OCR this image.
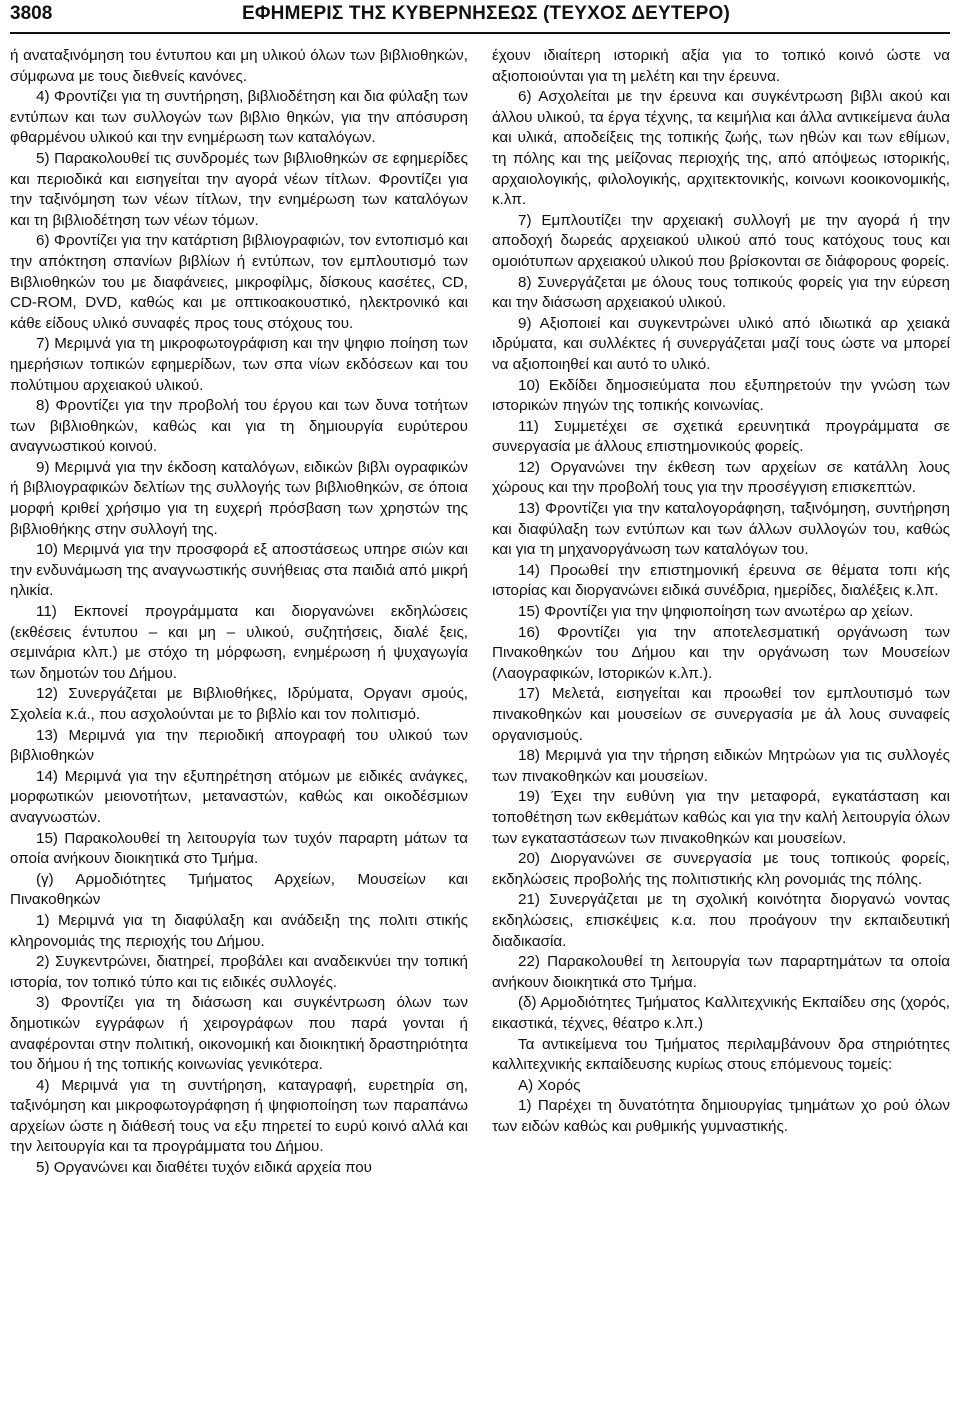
3808	ΕΦΗΜΕΡΙΣ ΤΗΣ ΚΥΒΕΡΝΗΣΕΩΣ (ΤΕΥΧΟΣ ΔΕΥΤΕΡΟ)

ή αναταξινόμηση του έντυπου και μη υλικού όλων των βιβλιοθηκών, σύμφωνα με τους διεθνείς κανόνες.

4) Φροντίζει για τη συντήρηση, βιβλιοδέτηση και δια φύλαξη των εντύπων και των συλλογών των βιβλιο θηκών, για την απόσυρση φθαρμένου υλικού και την ενημέρωση των καταλόγων.

5) Παρακολουθεί τις συνδρομές των βιβλιοθηκών σε εφημερίδες και περιοδικά και εισηγείται την αγορά νέων τίτλων. Φροντίζει για την ταξινόμηση των νέων τίτλων, την ενημέρωση των καταλόγων και τη βιβλιοδέτηση των νέων τόμων.

6) Φροντίζει για την κατάρτιση βιβλιογραφιών, τον εντοπισμό και την απόκτηση σπανίων βιβλίων ή εντύπων, τον εμπλουτισμό των Βιβλιοθηκών του με διαφάνειες, μικροφίλμς, δίσκους κασέτες, CD, CD-ROM, DVD, καθώς και με οπτικοακουστικό, ηλεκτρονικό και κάθε είδους υλικό συναφές προς τους στόχους του.

7) Μεριμνά για τη μικροφωτογράφιση και την ψηφιο ποίηση των ημερήσιων τοπικών εφημερίδων, των σπα νίων εκδόσεων και του πολύτιμου αρχειακού υλικού.

8) Φροντίζει για την προβολή του έργου και των δυνα τοτήτων των βιβλιοθηκών, καθώς και για τη δημιουργία ευρύτερου αναγνωστικού κοινού.

9) Μεριμνά για την έκδοση καταλόγων, ειδικών βιβλι ογραφικών ή βιβλιογραφικών δελτίων της συλλογής των βιβλιοθηκών, σε όποια μορφή κριθεί χρήσιμο για τη ευχερή πρόσβαση των χρηστών της βιβλιοθήκης στην συλλογή της.

10) Μεριμνά για την προσφορά εξ αποστάσεως υπηρε σιών και την ενδυνάμωση της αναγνωστικής συνήθειας στα παιδιά από μικρή ηλικία.

11) Εκπονεί προγράμματα και διοργανώνει εκδηλώσεις (εκθέσεις έντυπου – και μη – υλικού, συζητήσεις, διαλέ ξεις, σεμινάρια κλπ.) με στόχο τη μόρφωση, ενημέρωση ή ψυχαγωγία των δημοτών του Δήμου.

12) Συνεργάζεται με Βιβλιοθήκες, Ιδρύματα, Οργανι σμούς, Σχολεία κ.ά., που ασχολούνται με το βιβλίο και τον πολιτισμό.

13) Μεριμνά για την περιοδική απογραφή του υλικού των βιβλιοθηκών

14) Μεριμνά για την εξυπηρέτηση ατόμων με ειδικές ανάγκες, μορφωτικών μειονοτήτων, μεταναστών, καθώς και οικοδέσμιων αναγνωστών.

15) Παρακολουθεί τη λειτουργία των τυχόν παραρτη μάτων τα οποία ανήκουν διοικητικά στο Τμήμα.

(γ) Αρμοδιότητες Τμήματος Αρχείων, Μουσείων και Πινακοθηκών

1) Μεριμνά για τη διαφύλαξη και ανάδειξη της πολιτι στικής κληρονομιάς της περιοχής του Δήμου.

2) Συγκεντρώνει, διατηρεί, προβάλει και αναδεικνύει την τοπική ιστορία, τον τοπικό τύπο και τις ειδικές συλλογές.

3) Φροντίζει για τη διάσωση και συγκέντρωση όλων των δημοτικών εγγράφων ή χειρογράφων που παρά γονται ή αναφέρονται στην πολιτική, οικονομική και διοικητική δραστηριότητα του δήμου ή της τοπικής κοινωνίας γενικότερα.

4) Μεριμνά για τη συντήρηση, καταγραφή, ευρετηρία ση, ταξινόμηση και μικροφωτογράφηση ή ψηφιοποίηση των παραπάνω αρχείων ώστε η διάθεσή τους να εξυ πηρετεί το ευρύ κοινό αλλά και την λειτουργία και τα προγράμματα του Δήμου.

5) Οργανώνει και διαθέτει τυχόν ειδικά αρχεία που

έχουν ιδιαίτερη ιστορική αξία για το τοπικό κοινό ώστε να αξιοποιούνται για τη μελέτη και την έρευνα.

6) Ασχολείται με την έρευνα και συγκέντρωση βιβλι ακού και άλλου υλικού, τα έργα τέχνης, τα κειμήλια και άλλα αντικείμενα άυλα και υλικά, αποδείξεις της τοπικής ζωής, των ηθών και των εθίμων, τη πόλης και της μείζονας περιοχής της, από απόψεως ιστορικής, αρχαιολογικής, φιλολογικής, αρχιτεκτονικής, κοινωνι κοοικονομικής, κ.λπ.

7) Εμπλουτίζει την αρχειακή συλλογή με την αγορά ή την αποδοχή δωρεάς αρχειακού υλικού από τους κατόχους τους και ομοιότυπων αρχειακού υλικού που βρίσκονται σε διάφορους φορείς.

8) Συνεργάζεται με όλους τους τοπικούς φορείς για την εύρεση και την διάσωση αρχειακού υλικού.

9) Αξιοποιεί και συγκεντρώνει υλικό από ιδιωτικά αρ χειακά ιδρύματα, και συλλέκτες ή συνεργάζεται μαζί τους ώστε να μπορεί να αξιοποιηθεί και αυτό το υλικό.

10) Εκδίδει δημοσιεύματα που εξυπηρετούν την γνώση των ιστορικών πηγών της τοπικής κοινωνίας.

11) Συμμετέχει σε σχετικά ερευνητικά προγράμματα σε συνεργασία με άλλους επιστημονικούς φορείς.

12) Οργανώνει την έκθεση των αρχείων σε κατάλλη λους χώρους και την προβολή τους για την προσέγγιση επισκεπτών.

13) Φροντίζει για την καταλογοράφηση, ταξινόμηση, συντήρηση και διαφύλαξη των εντύπων και των άλλων συλλογών του, καθώς και για τη μηχανοργάνωση των καταλόγων του.

14) Προωθεί την επιστημονική έρευνα σε θέματα τοπι κής ιστορίας και διοργανώνει ειδικά συνέδρια, ημερίδες, διαλέξεις κ.λπ.

15) Φροντίζει για την ψηφιοποίηση των ανωτέρω αρ χείων.

16) Φροντίζει για την αποτελεσματική οργάνωση των Πινακοθηκών του Δήμου και την οργάνωση των Μουσείων (Λαογραφικών, Ιστορικών κ.λπ.).

17) Μελετά, εισηγείται και προωθεί τον εμπλουτισμό των πινακοθηκών και μουσείων σε συνεργασία με άλ λους συναφείς οργανισμούς.

18) Μεριμνά για την τήρηση ειδικών Μητρώων για τις συλλογές των πινακοθηκών και μουσείων.

19) Έχει την ευθύνη για την μεταφορά, εγκατάσταση και τοποθέτηση των εκθεμάτων καθώς και για την καλή λειτουργία όλων των εγκαταστάσεων των πινακοθηκών και μουσείων.

20) Διοργανώνει σε συνεργασία με τους τοπικούς φορείς, εκδηλώσεις προβολής της πολιτιστικής κλη ρονομιάς της πόλης.

21) Συνεργάζεται με τη σχολική κοινότητα διοργανώ νοντας εκδηλώσεις, επισκέψεις κ.α. που προάγουν την εκπαιδευτική διαδικασία.

22) Παρακολουθεί τη λειτουργία των παραρτημάτων τα οποία ανήκουν διοικητικά στο Τμήμα.

(δ) Αρμοδιότητες Τμήματος Καλλιτεχνικής Εκπαίδευ σης (χορός, εικαστικά, τέχνες, θέατρο κ.λπ.)

Τα αντικείμενα του Τμήματος περιλαμβάνουν δρα στηριότητες καλλιτεχνικής εκπαίδευσης κυρίως στους επόμενους τομείς:

Α) Χορός

1) Παρέχει τη δυνατότητα δημιουργίας τμημάτων χο ρού όλων των ειδών καθώς και ρυθμικής γυμναστικής.
